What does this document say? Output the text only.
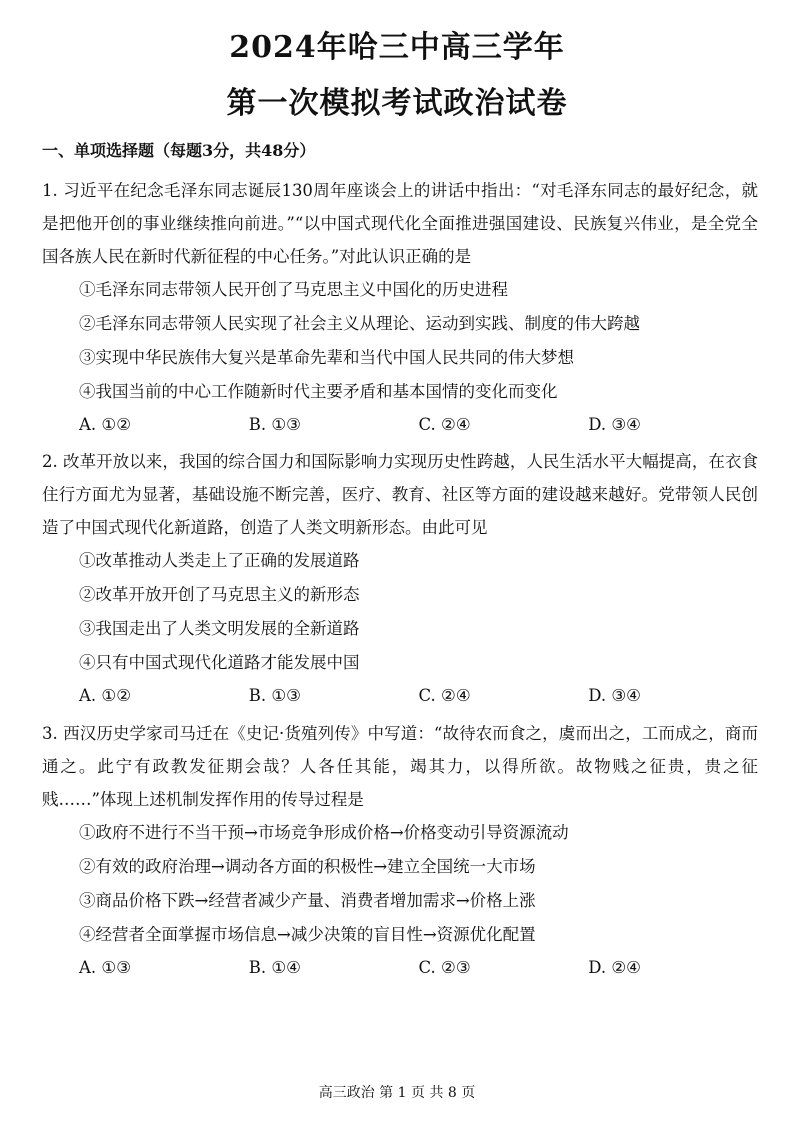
2024年哈三中高三学年
第一次模拟考试政治试卷
一、单项选择题（每题3分，共48分）

1. 习近平在纪念毛泽东同志诞辰130周年座谈会上的讲话中指出：“对毛泽东同志的最好纪念，就是把他开创的事业继续推向前进。”“以中国式现代化全面推进强国建设、民族复兴伟业，是全党全国各族人民在新时代新征程的中心任务。”对此认识正确的是

①毛泽东同志带领人民开创了马克思主义中国化的历史进程

②毛泽东同志带领人民实现了社会主义从理论、运动到实践、制度的伟大跨越

③实现中华民族伟大复兴是革命先辈和当代中国人民共同的伟大梦想

④我国当前的中心工作随新时代主要矛盾和基本国情的变化而变化

A. ①②	B. ①③	C. ②④	D. ③④

2. 改革开放以来，我国的综合国力和国际影响力实现历史性跨越，人民生活水平大幅提高，在衣食住行方面尤为显著，基础设施不断完善，医疗、教育、社区等方面的建设越来越好。党带领人民创造了中国式现代化新道路，创造了人类文明新形态。由此可见

①改革推动人类走上了正确的发展道路

②改革开放开创了马克思主义的新形态

③我国走出了人类文明发展的全新道路

④只有中国式现代化道路才能发展中国

A. ①②	B. ①③	C. ②④	D. ③④

3. 西汉历史学家司马迁在《史记·货殖列传》中写道：“故待农而食之，虞而出之，工而成之，商而通之。此宁有政教发征期会哉？人各任其能，竭其力，以得所欲。故物贱之征贵，贵之征贱……”体现上述机制发挥作用的传导过程是

①政府不进行不当干预→市场竞争形成价格→价格变动引导资源流动

②有效的政府治理→调动各方面的积极性→建立全国统一大市场

③商品价格下跌→经营者减少产量、消费者增加需求→价格上涨

④经营者全面掌握市场信息→减少决策的盲目性→资源优化配置

A. ①③	B. ①④	C. ②③	D. ②④
高三政治 第 1 页 共 8 页
